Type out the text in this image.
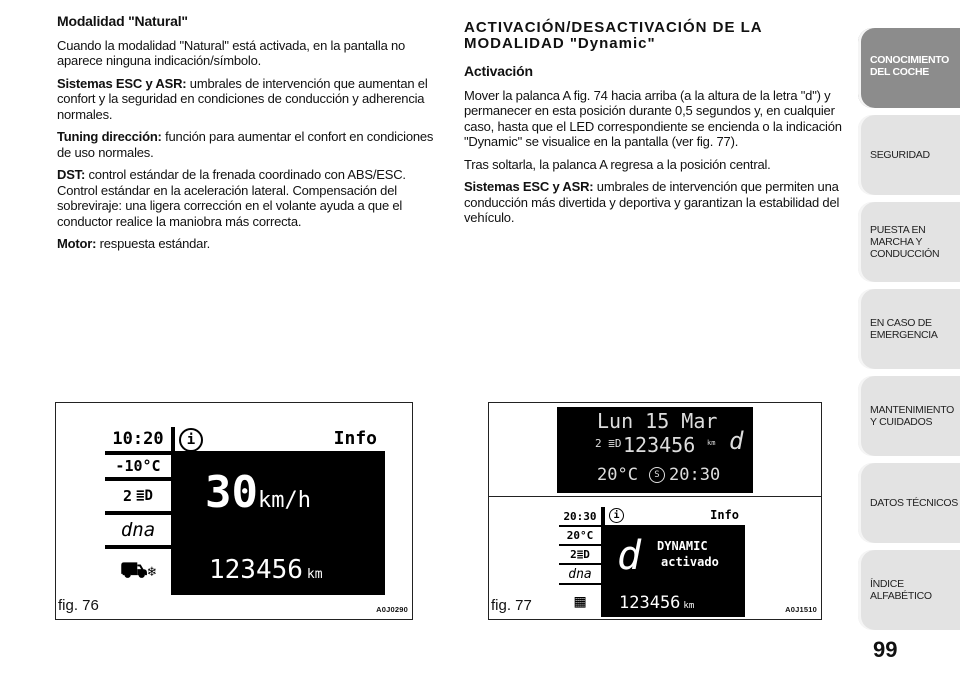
Modalidad "Natural"

Cuando la modalidad "Natural" está activada, en la pantalla no aparece ninguna indicación/símbolo.

Sistemas ESC y ASR: umbrales de intervención que aumentan el confort y la seguridad en condiciones de conducción y adherencia normales.

Tuning dirección: función para aumentar el confort en condiciones de uso normales.

DST: control estándar de la frenada coordinado con ABS/ESC. Control estándar en la aceleración lateral. Compensación del sobreviraje: una ligera corrección en el volante ayuda a que el conductor realice la maniobra más correcta.

Motor: respuesta estándar.

ACTIVACIÓN/DESACTIVACIÓN DE LA MODALIDAD "Dynamic"
Activación

Mover la palanca A fig. 74 hacia arriba (a la altura de la letra "d") y permanecer en esta posición durante 0,5 segundos y, en cualquier caso, hasta que el LED correspondiente se encienda o la indicación "Dynamic" se visualice en la pantalla (ver fig. 77).

Tras soltarla, la palanca A regresa a la posición central.

Sistemas ESC y ASR: umbrales de intervención que permiten una conducción más divertida y deportiva y garantizan la estabilidad del vehículo.

10:20	i	Info
-10°C
2 ≣D
dna
⛟ ❄
30km/h
123456 km
fig. 76	A0J0290
Lun 15 Mar
2 ≣D 123456 km d
20°C	S 20:30
20:30	i	Info
20°C
2 ≣D
dna
▦
d DYNAMIC
activado
123456 km
fig. 77	A0J1510
CONOCIMIENTO DEL COCHE
SEGURIDAD
PUESTA EN MARCHA Y CONDUCCIÓN
EN CASO DE EMERGENCIA
MANTENIMIENTO Y CUIDADOS
DATOS TÉCNICOS
ÍNDICE ALFABÉTICO
99
